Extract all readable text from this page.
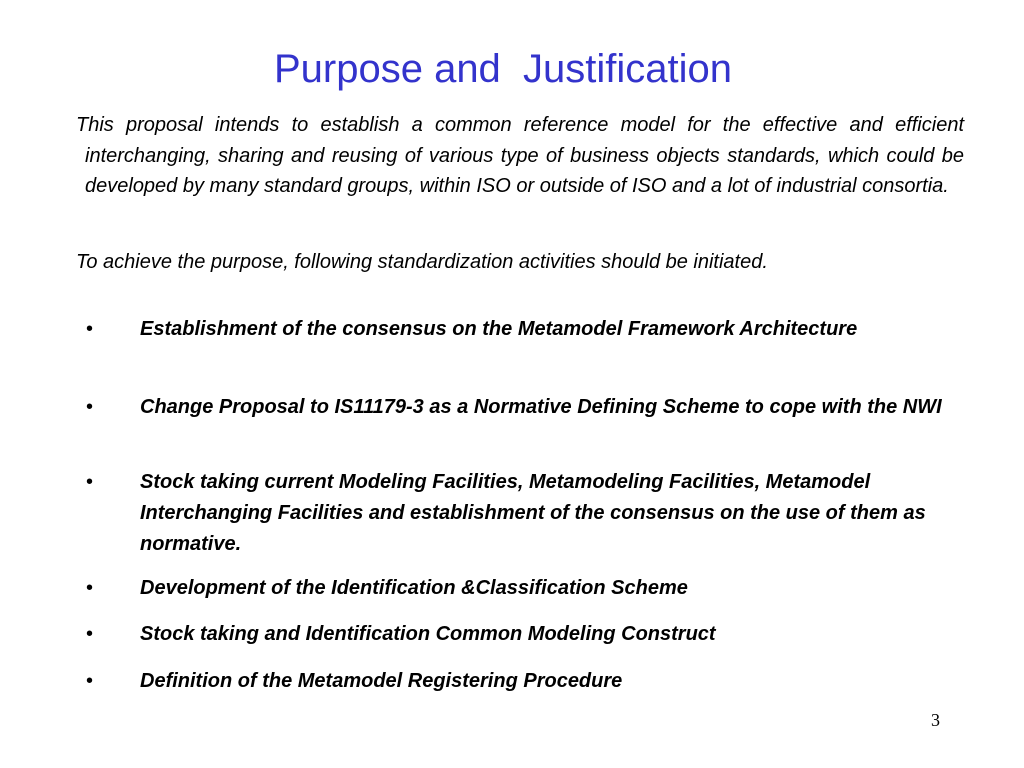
Purpose and  Justification

This proposal intends to establish a common reference model for the effective and efficient interchanging, sharing and reusing of various type of business objects standards, which could be developed by many standard groups, within ISO or outside of ISO and a lot of industrial consortia.

To achieve the purpose, following standardization activities should be initiated.

• Establishment of the consensus on the Metamodel Framework Architecture
• Change Proposal to IS11179-3 as a Normative Defining Scheme to cope with the NWI
• Stock taking current Modeling Facilities, Metamodeling Facilities, Metamodel Interchanging Facilities and establishment of the consensus on the use of them as normative.
• Development of the Identification &Classification Scheme
• Stock taking and Identification Common Modeling Construct
• Definition of the Metamodel Registering Procedure
3
